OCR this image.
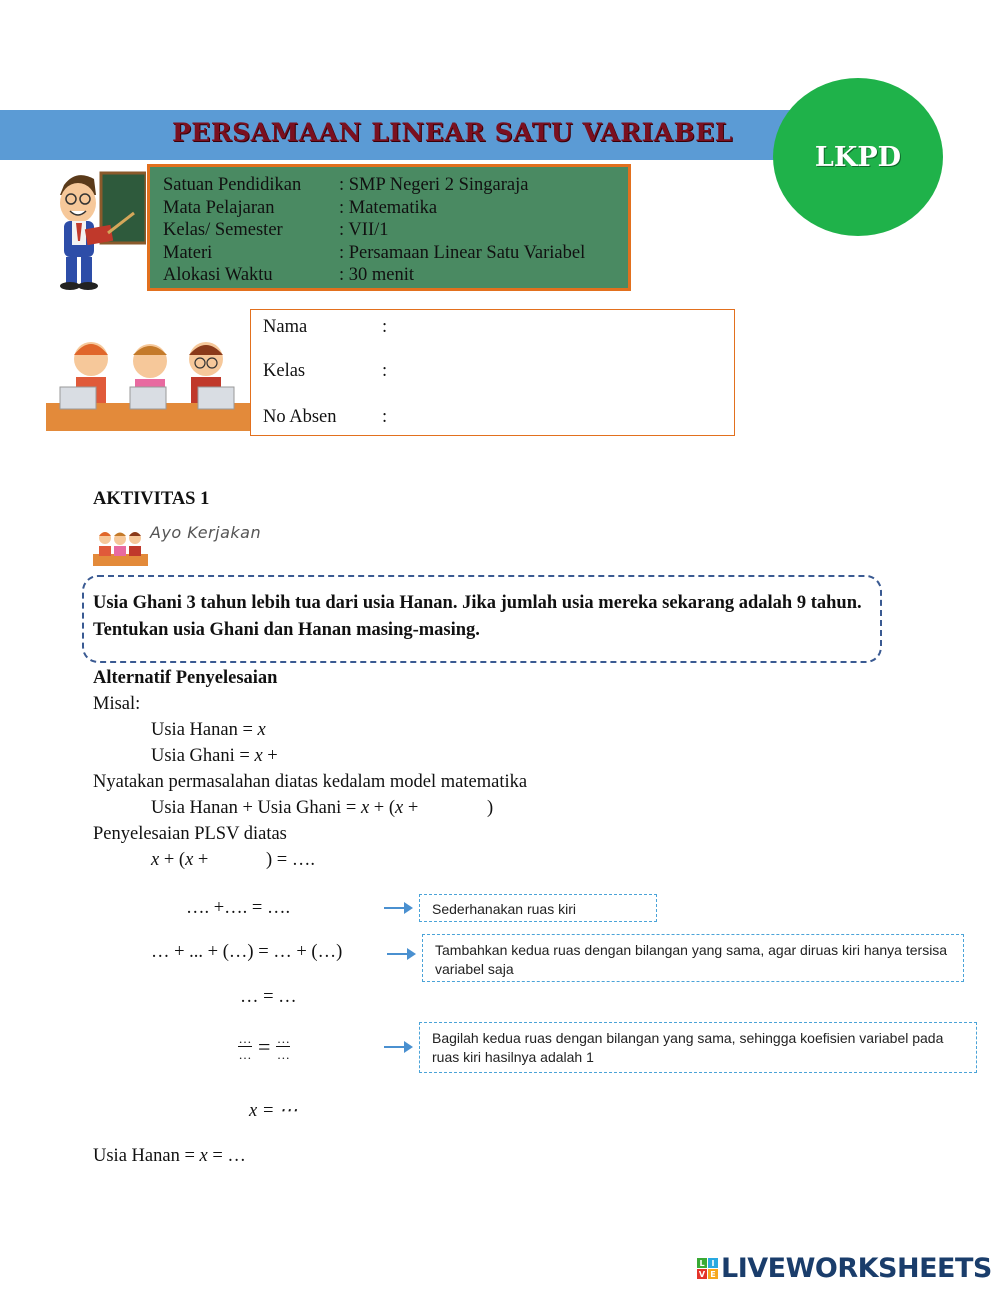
PERSAMAAN LINEAR SATU VARIABEL
LKPD
Satuan Pendidikan	: SMP Negeri 2 Singaraja
Mata Pelajaran	: Matematika
Kelas/ Semester	: VII/1
Materi	: Persamaan Linear Satu Variabel
Alokasi Waktu	: 30 menit
Nama	:
Kelas	:
No Absen	:
AKTIVITAS 1
Ayo Kerjakan
Usia Ghani 3 tahun lebih tua dari usia Hanan. Jika jumlah usia mereka sekarang adalah 9 tahun. Tentukan usia Ghani dan Hanan masing-masing.
Alternatif Penyelesaian
Misal:
Usia Hanan = x
Usia Ghani = x +
Nyatakan permasalahan diatas kedalam model matematika
Usia Hanan + Usia Ghani = x + (x +	)
Penyelesaian PLSV diatas
x + (x +	) = ….
…. +…. = ….
… + ... + (…) = … + (…)
… = …
$\frac{\dots}{\dots} = \frac{\dots}{\dots}$
x = ⋯
Usia Hanan = x = …
Sederhanakan ruas kiri
Tambahkan kedua ruas dengan bilangan yang sama, agar diruas kiri hanya tersisa variabel saja
Bagilah kedua ruas dengan bilangan yang sama, sehingga koefisien variabel pada ruas kiri hasilnya adalah 1
L I
V E LIVEWORKSHEETS
